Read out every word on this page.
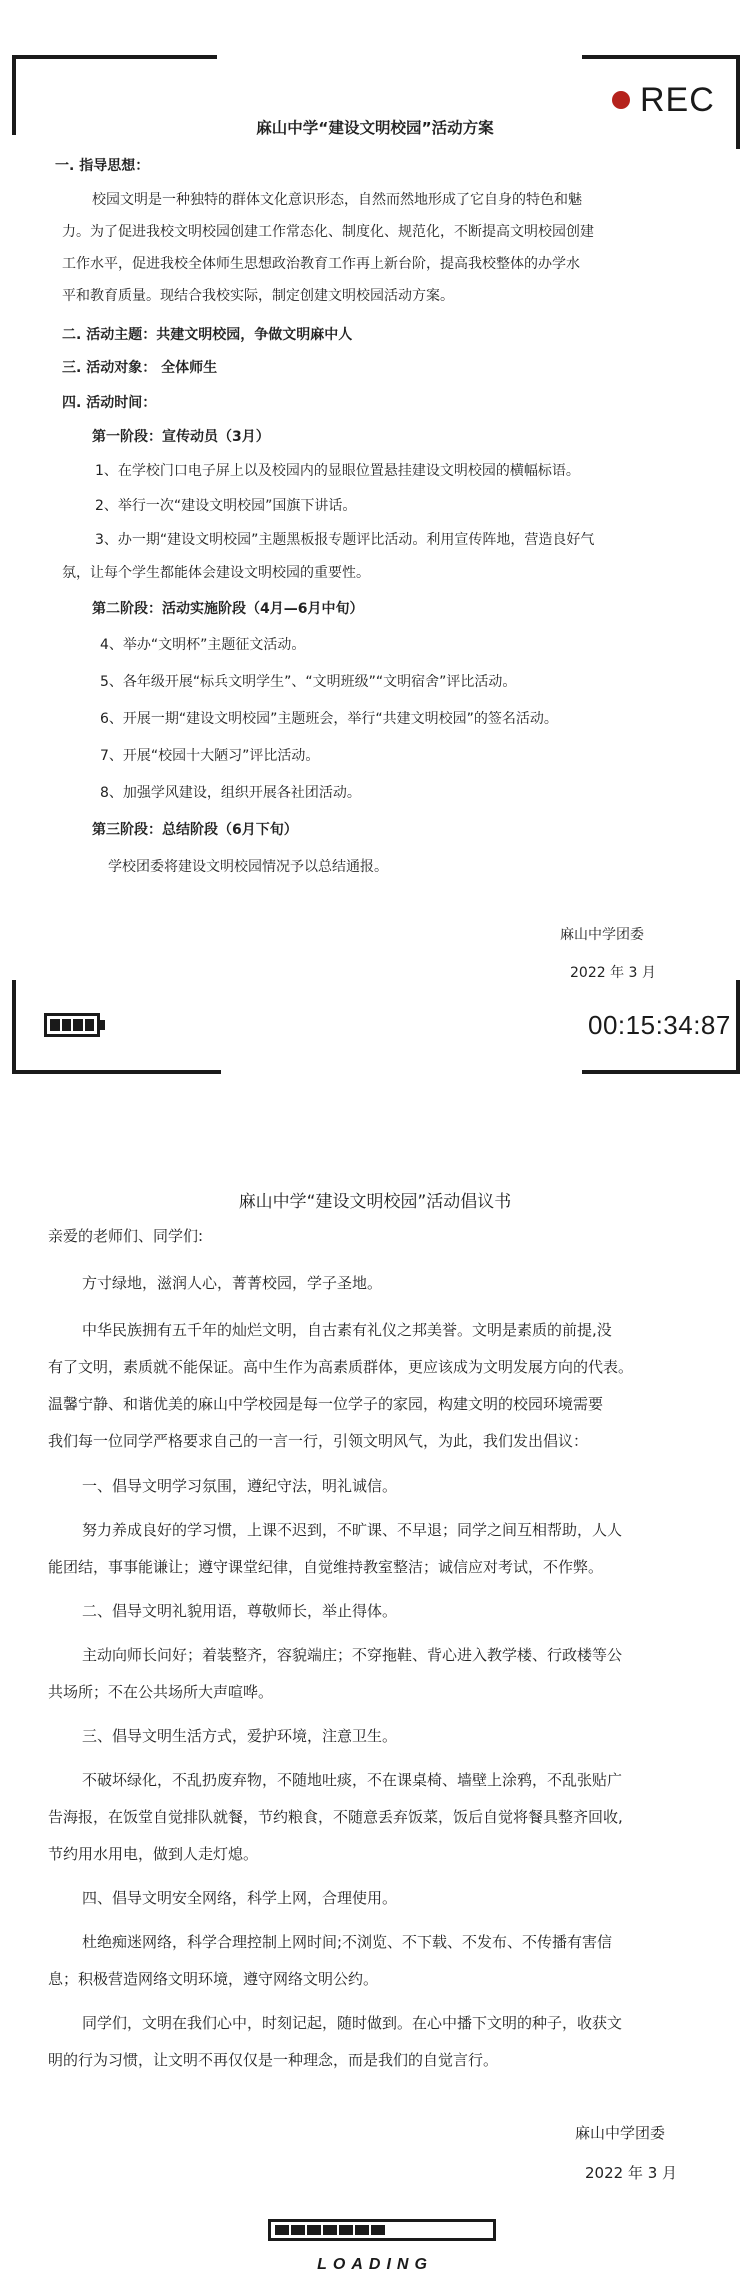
REC
00:15:34:87
麻山中学“建设文明校园”活动方案
一. 指导思想：
校园文明是一种独特的群体文化意识形态，自然而然地形成了它自身的特色和魅
力。为了促进我校文明校园创建工作常态化、制度化、规范化，不断提高文明校园创建
工作水平，促进我校全体师生思想政治教育工作再上新台阶，提高我校整体的办学水
平和教育质量。现结合我校实际，制定创建文明校园活动方案。
二. 活动主题：共建文明校园，争做文明麻中人
三. 活动对象： 全体师生
四. 活动时间：
第一阶段：宣传动员（3月）
1、在学校门口电子屏上以及校园内的显眼位置悬挂建设文明校园的横幅标语。
2、举行一次“建设文明校园”国旗下讲话。
3、办一期“建设文明校园”主题黑板报专题评比活动。利用宣传阵地，营造良好气
氛，让每个学生都能体会建设文明校园的重要性。
第二阶段：活动实施阶段（4月—6月中旬）
4、举办“文明杯”主题征文活动。
5、各年级开展“标兵文明学生”、“文明班级”“文明宿舍”评比活动。
6、开展一期“建设文明校园”主题班会，举行“共建文明校园”的签名活动。
7、开展“校园十大陋习”评比活动。
8、加强学风建设，组织开展各社团活动。
第三阶段：总结阶段（6月下旬）
学校团委将建设文明校园情况予以总结通报。
麻山中学团委
2022 年 3 月
麻山中学“建设文明校园”活动倡议书
亲爱的老师们、同学们:
方寸绿地，滋润人心，菁菁校园，学子圣地。
中华民族拥有五千年的灿烂文明，自古素有礼仪之邦美誉。文明是素质的前提,没
有了文明，素质就不能保证。高中生作为高素质群体，更应该成为文明发展方向的代表。
温馨宁静、和谐优美的麻山中学校园是每一位学子的家园，构建文明的校园环境需要
我们每一位同学严格要求自己的一言一行，引领文明风气，为此，我们发出倡议：
一、倡导文明学习氛围，遵纪守法，明礼诚信。
努力养成良好的学习惯，上课不迟到，不旷课、不早退；同学之间互相帮助，人人
能团结，事事能谦让；遵守课堂纪律，自觉维持教室整洁；诚信应对考试，不作弊。
二、倡导文明礼貌用语，尊敬师长，举止得体。
主动向师长问好；着装整齐，容貌端庄；不穿拖鞋、背心进入教学楼、行政楼等公
共场所；不在公共场所大声喧哗。
三、倡导文明生活方式，爱护环境，注意卫生。
不破坏绿化，不乱扔废弃物，不随地吐痰，不在课桌椅、墙壁上涂鸦，不乱张贴广
告海报，在饭堂自觉排队就餐，节约粮食，不随意丢弃饭菜，饭后自觉将餐具整齐回收,
节约用水用电，做到人走灯熄。
四、倡导文明安全网络，科学上网，合理使用。
杜绝痴迷网络，科学合理控制上网时间;不浏览、不下载、不发布、不传播有害信
息；积极营造网络文明环境，遵守网络文明公约。
同学们，文明在我们心中，时刻记起，随时做到。在心中播下文明的种子，收获文
明的行为习惯，让文明不再仅仅是一种理念，而是我们的自觉言行。
麻山中学团委
2022 年 3 月
LOADING
